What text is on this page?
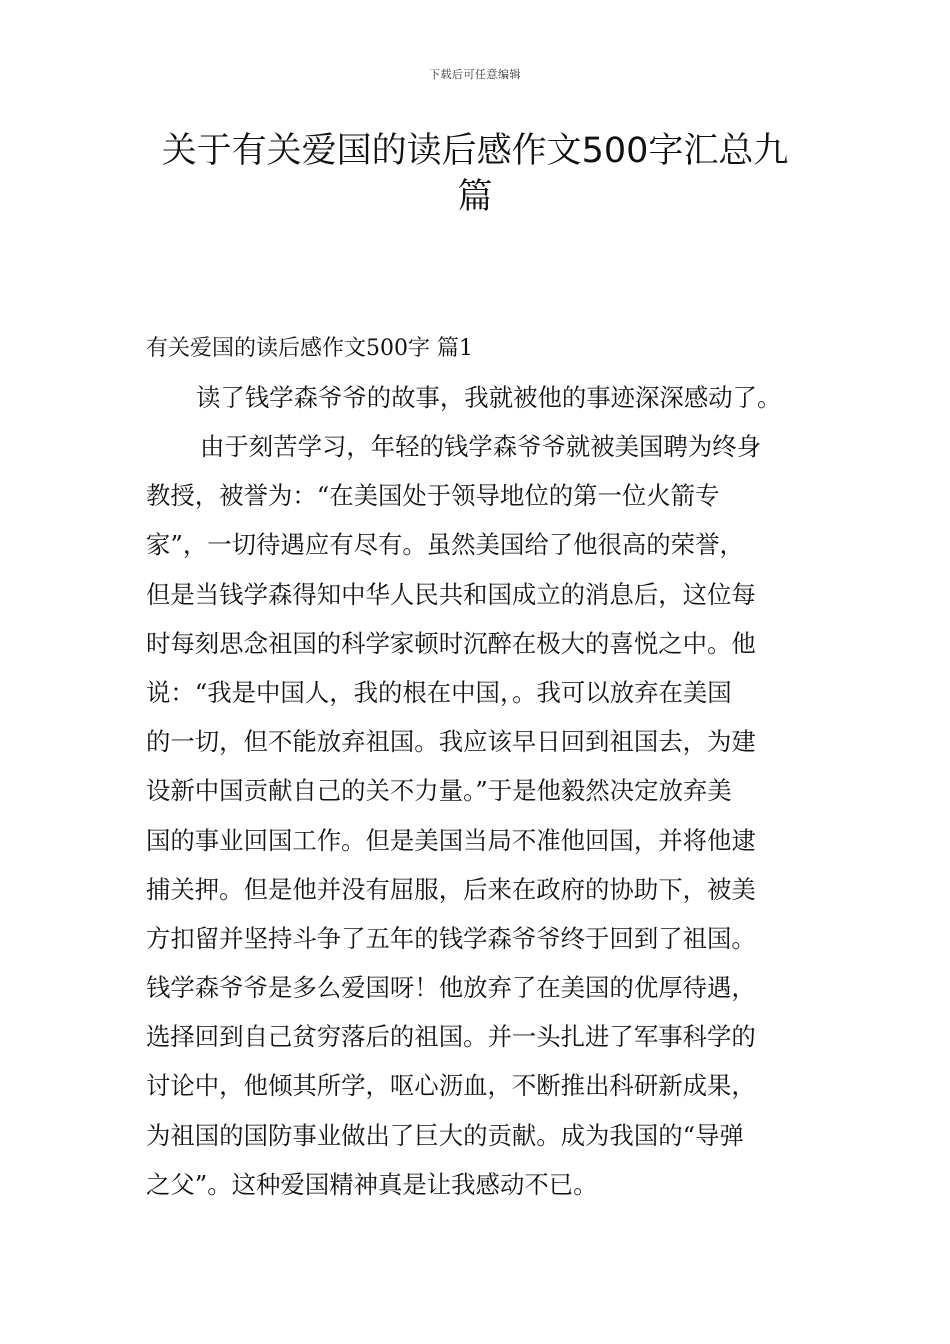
下载后可任意编辑
关于有关爱国的读后感作文500字汇总九
篇
有关爱国的读后感作文500字 篇1
读了钱学森爷爷的故事，我就被他的事迹深深感动了。
由于刻苦学习，年轻的钱学森爷爷就被美国聘为终身
教授，被誉为：“在美国处于领导地位的第一位火箭专
家”，一切待遇应有尽有。虽然美国给了他很高的荣誉，
但是当钱学森得知中华人民共和国成立的消息后，这位每
时每刻思念祖国的科学家顿时沉醉在极大的喜悦之中。他
说：“我是中国人，我的根在中国，。我可以放弃在美国
的一切，但不能放弃祖国。我应该早日回到祖国去，为建
设新中国贡献自己的关不力量。”于是他毅然决定放弃美
国的事业回国工作。但是美国当局不准他回国，并将他逮
捕关押。但是他并没有屈服，后来在政府的协助下，被美
方扣留并坚持斗争了五年的钱学森爷爷终于回到了祖国。
钱学森爷爷是多么爱国呀！他放弃了在美国的优厚待遇，
选择回到自己贫穷落后的祖国。并一头扎进了军事科学的
讨论中，他倾其所学，呕心沥血，不断推出科研新成果，
为祖国的国防事业做出了巨大的贡献。成为我国的“导弹
之父”。这种爱国精神真是让我感动不已。
